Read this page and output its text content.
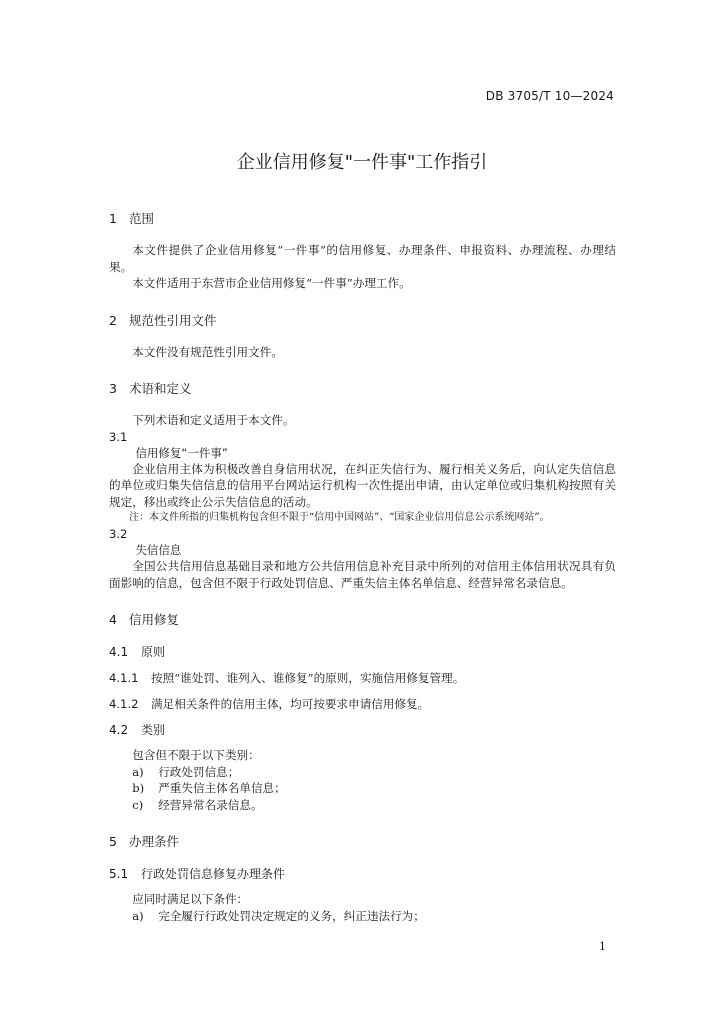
DB 3705/T 10—2024
企业信用修复"一件事"工作指引
1 范围

本文件提供了企业信用修复“一件事”的信用修复、办理条件、申报资料、办理流程、办理结果。

本文件适用于东营市企业信用修复“一件事”办理工作。

2 规范性引用文件

本文件没有规范性引用文件。

3 术语和定义

下列术语和定义适用于本文件。

3.1

信用修复“一件事”

企业信用主体为积极改善自身信用状况，在纠正失信行为、履行相关义务后，向认定失信信息的单位或归集失信信息的信用平台网站运行机构一次性提出申请，由认定单位或归集机构按照有关规定，移出或终止公示失信信息的活动。

注：本文件所指的归集机构包含但不限于“信用中国网站”、“国家企业信用信息公示系统网站”。

3.2

失信信息

全国公共信用信息基础目录和地方公共信用信息补充目录中所列的对信用主体信用状况具有负面影响的信息，包含但不限于行政处罚信息、严重失信主体名单信息、经营异常名录信息。

4 信用修复
4.1 原则

4.1.1 按照“谁处罚、谁列入、谁修复”的原则，实施信用修复管理。

4.1.2 满足相关条件的信用主体，均可按要求申请信用修复。

4.2 类别

包含但不限于以下类别：

a) 行政处罚信息；

b) 严重失信主体名单信息；

c) 经营异常名录信息。

5 办理条件
5.1 行政处罚信息修复办理条件

应同时满足以下条件：

a) 完全履行行政处罚决定规定的义务，纠正违法行为；

1
